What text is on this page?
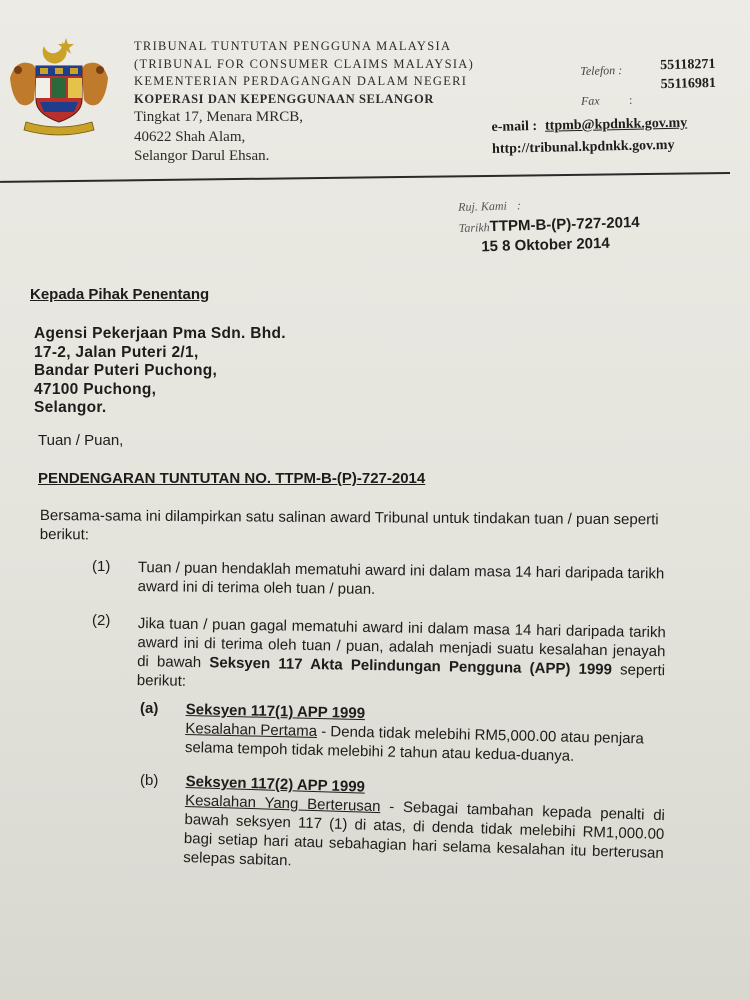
TRIBUNAL TUNTUTAN PENGGUNA MALAYSIA
(TRIBUNAL FOR CONSUMER CLAIMS MALAYSIA)
KEMENTERIAN PERDAGANGAN DALAM NEGERI
KOPERASI DAN KEPENGGUNAAN SELANGOR
Tingkat 17, Menara MRCB,
40622 Shah Alam,
Selangor Darul Ehsan.
Telefon :	55118271
55116981
Fax :
e-mail : ttpmb@kpdnkk.gov.my
http://tribunal.kpdnkk.gov.my
Ruj. Kami :
TarikhTTPM-B-(P)-727-2014
15 8 Oktober 2014
Kepada Pihak Penentang
Agensi Pekerjaan Pma Sdn. Bhd.
17-2, Jalan Puteri 2/1,
Bandar Puteri Puchong,
47100 Puchong,
Selangor.
Tuan / Puan,
PENDENGARAN TUNTUTAN NO. TTPM-B-(P)-727-2014
Bersama-sama ini dilampirkan satu salinan award Tribunal untuk tindakan tuan / puan seperti berikut:
(1) Tuan / puan hendaklah mematuhi award ini dalam masa 14 hari daripada tarikh award ini di terima oleh tuan / puan.
(2) Jika tuan / puan gagal mematuhi award ini dalam masa 14 hari daripada tarikh award ini di terima oleh tuan / puan, adalah menjadi suatu kesalahan jenayah di bawah Seksyen 117 Akta Pelindungan Pengguna (APP) 1999 seperti berikut:
(a) Seksyen 117(1) APP 1999
Kesalahan Pertama - Denda tidak melebihi RM5,000.00 atau penjara selama tempoh tidak melebihi 2 tahun atau kedua-duanya.
(b) Seksyen 117(2) APP 1999
Kesalahan Yang Berterusan - Sebagai tambahan kepada penalti di bawah seksyen 117 (1) di atas, di denda tidak melebihi RM1,000.00 bagi setiap hari atau sebahagian hari selama kesalahan itu berterusan selepas sabitan.
